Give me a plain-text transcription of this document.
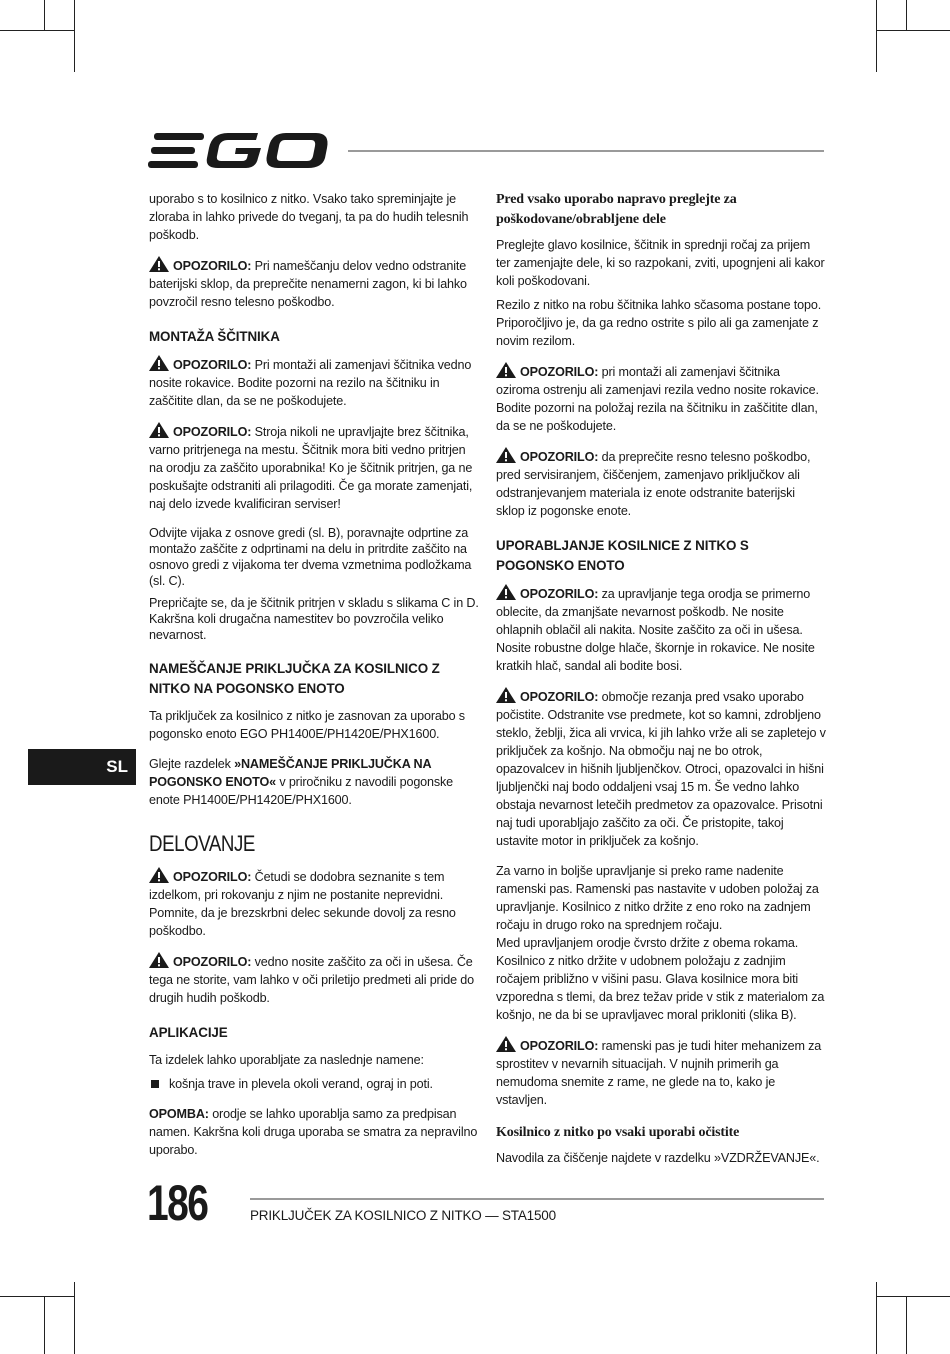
SL

uporabo s to kosilnico z nitko. Vsako tako spreminjajte je zloraba in lahko privede do tveganj, ta pa do hudih telesnih poškodb.

OPOZORILO: Pri nameščanju delov vedno odstranite baterijski sklop, da preprečite nenamerni zagon, ki bi lahko povzročil resno telesno poškodbo.

MONTAŽA ŠČITNIKA

OPOZORILO: Pri montaži ali zamenjavi ščitnika vedno nosite rokavice. Bodite pozorni na rezilo na ščitniku in zaščitite dlan, da se ne poškodujete.

OPOZORILO: Stroja nikoli ne upravljajte brez ščitnika, varno pritrjenega na mestu. Ščitnik mora biti vedno pritrjen na orodju za zaščito uporabnika! Ko je ščitnik pritrjen, ga ne poskušajte odstraniti ali prilagoditi. Če ga morate zamenjati, naj delo izvede kvalificiran serviser!

Odvijte vijaka z osnove gredi (sl. B), poravnajte odprtine za montažo zaščite z odprtinami na delu in pritrdite zaščito na osnovo gredi z vijakoma ter dvema vzmetnima podložkama (sl. C).

Prepričajte se, da je ščitnik pritrjen v skladu s slikama C in D. Kakršna koli drugačna namestitev bo povzročila veliko nevarnost.

NAMEŠČANJE PRIKLJUČKA ZA KOSILNICO Z NITKO NA POGONSKO ENOTO

Ta priključek za kosilnico z nitko je zasnovan za uporabo s pogonsko enoto EGO PH1400E/PH1420E/PHX1600.

Glejte razdelek »NAMEŠČANJE PRIKLJUČKA NA POGONSKO ENOTO« v priročniku z navodili pogonske enote PH1400E/PH1420E/PHX1600.

DELOVANJE

OPOZORILO: Četudi se dodobra seznanite s tem izdelkom, pri rokovanju z njim ne postanite neprevidni. Pomnite, da je brezskrbni delec sekunde dovolj za resno poškodbo.

OPOZORILO: vedno nosite zaščito za oči in ušesa. Če tega ne storite, vam lahko v oči priletijo predmeti ali pride do drugih hudih poškodb.

APLIKACIJE

Ta izdelek lahko uporabljate za naslednje namene:

košnja trave in plevela okoli verand, ograj in poti.

OPOMBA: orodje se lahko uporablja samo za predpisan namen. Kakršna koli druga uporaba se smatra za nepravilno uporabo.

Pred vsako uporabo napravo preglejte za poškodovane/obrabljene dele

Preglejte glavo kosilnice, ščitnik in sprednji ročaj za prijem ter zamenjajte dele, ki so razpokani, zviti, upognjeni ali kakor koli poškodovani.

Rezilo z nitko na robu ščitnika lahko sčasoma postane topo. Priporočljivo je, da ga redno ostrite s pilo ali ga zamenjate z novim rezilom.

OPOZORILO: pri montaži ali zamenjavi ščitnika oziroma ostrenju ali zamenjavi rezila vedno nosite rokavice. Bodite pozorni na položaj rezila na ščitniku in zaščitite dlan, da se ne poškodujete.

OPOZORILO: da preprečite resno telesno poškodbo, pred servisiranjem, čiščenjem, zamenjavo priključkov ali odstranjevanjem materiala iz enote odstranite baterijski sklop iz pogonske enote.

UPORABLJANJE KOSILNICE Z NITKO S POGONSKO ENOTO

OPOZORILO: za upravljanje tega orodja se primerno oblecite, da zmanjšate nevarnost poškodb. Ne nosite ohlapnih oblačil ali nakita. Nosite zaščito za oči in ušesa. Nosite robustne dolge hlače, škornje in rokavice. Ne nosite kratkih hlač, sandal ali bodite bosi.

OPOZORILO: območje rezanja pred vsako uporabo počistite. Odstranite vse predmete, kot so kamni, zdrobljeno steklo, žeblji, žica ali vrvica, ki jih lahko vrže ali se zapletejo v priključek za košnjo. Na območju naj ne bo otrok, opazovalcev in hišnih ljubljenčkov. Otroci, opazovalci in hišni ljubljenčki naj bodo oddaljeni vsaj 15 m. Še vedno lahko obstaja nevarnost letečih predmetov za opazovalce. Prisotni naj tudi uporabljajo zaščito za oči. Če pristopite, takoj ustavite motor in priključek za košnjo.

Za varno in boljše upravljanje si preko rame nadenite ramenski pas. Ramenski pas nastavite v udoben položaj za upravljanje. Kosilnico z nitko držite z eno roko na zadnjem ročaju in drugo roko na sprednjem ročaju.

Med upravljanjem orodje čvrsto držite z obema rokama. Kosilnico z nitko držite v udobnem položaju z zadnjim ročajem približno v višini pasu. Glava kosilnice mora biti vzporedna s tlemi, da brez težav pride v stik z materialom za košnjo, ne da bi se upravljavec moral prikloniti (slika B).

OPOZORILO: ramenski pas je tudi hiter mehanizem za sprostitev v nevarnih situacijah. V nujnih primerih ga nemudoma snemite z rame, ne glede na to, kako je vstavljen.

Kosilnico z nitko po vsaki uporabi očistite

Navodila za čiščenje najdete v razdelku »VZDRŽEVANJE«.

186	PRIKLJUČEK ZA KOSILNICO Z NITKO — STA1500
